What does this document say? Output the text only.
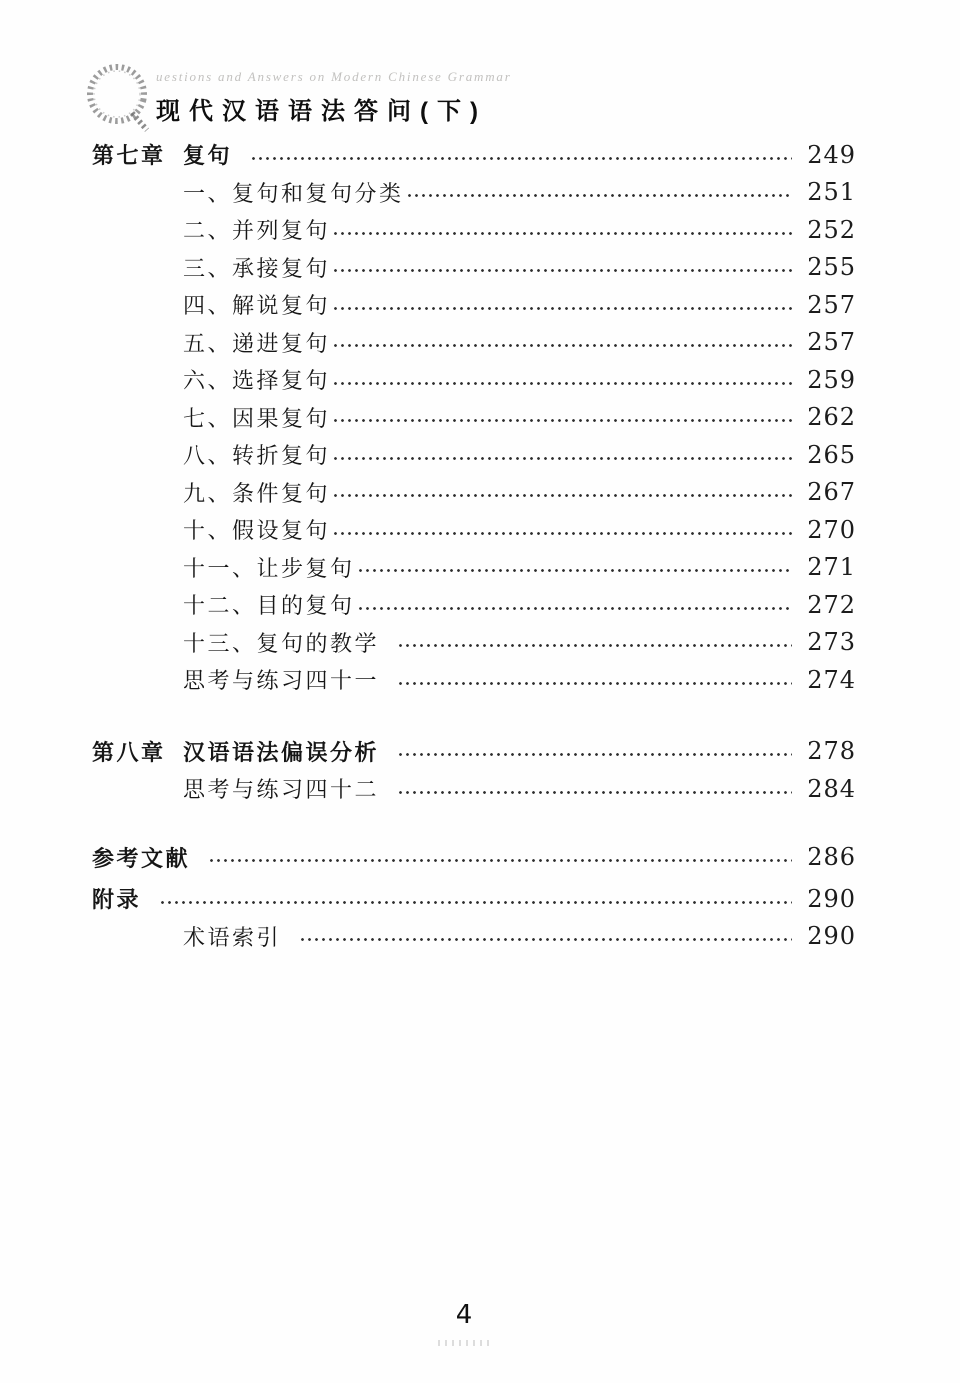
uestions and Answers on Modern Chinese Grammar
现代汉语语法答问(下)
第七章 复句	249
一、复句和复句分类	251
二、并列复句	252
三、承接复句	255
四、解说复句	257
五、递进复句	257
六、选择复句	259
七、因果复句	262
八、转折复句	265
九、条件复句	267
十、假设复句	270
十一、让步复句	271
十二、目的复句	272
十三、复句的教学	273
思考与练习四十一	274
第八章 汉语语法偏误分析	278
思考与练习四十二	284
参考文献	286
附录	290
术语索引	290
4
